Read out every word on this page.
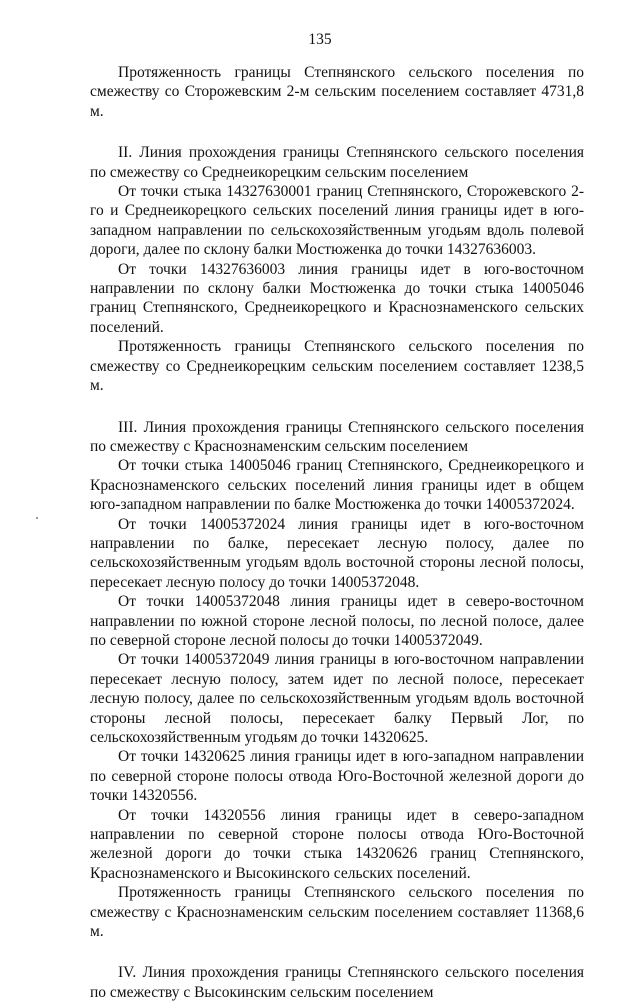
135

Протяженность границы Степнянского сельского поселения по смежеству со Сторожевским 2-м сельским поселением составляет 4731,8 м.

II. Линия прохождения границы Степнянского сельского поселения по смежеству со Среднеикорецким сельским поселением

От точки стыка 14327630001 границ Степнянского, Сторожевского 2-го и Среднеикорецкого сельских поселений линия границы идет в юго-западном направлении по сельскохозяйственным угодьям вдоль полевой дороги, далее по склону балки Мостюженка до точки 14327636003.

От точки 14327636003 линия границы идет в юго-восточном направлении по склону балки Мостюженка до точки стыка 14005046 границ Степнянского, Среднеикорецкого и Краснознаменского сельских поселений.

Протяженность границы Степнянского сельского поселения по смежеству со Среднеикорецким сельским поселением составляет 1238,5 м.

III. Линия прохождения границы Степнянского сельского поселения по смежеству с Краснознаменским сельским поселением

От точки стыка 14005046 границ Степнянского, Среднеикорецкого и Краснознаменского сельских поселений линия границы идет в общем юго-западном направлении по балке Мостюженка до точки 14005372024.

От точки 14005372024 линия границы идет в юго-восточном направлении по балке, пересекает лесную полосу, далее по сельскохозяйственным угодьям вдоль восточной стороны лесной полосы, пересекает лесную полосу до точки 14005372048.

От точки 14005372048 линия границы идет в северо-восточном направлении по южной стороне лесной полосы, по лесной полосе, далее по северной стороне лесной полосы до точки 14005372049.

От точки 14005372049 линия границы в юго-восточном направлении пересекает лесную полосу, затем идет по лесной полосе, пересекает лесную полосу, далее по сельскохозяйственным угодьям вдоль восточной стороны лесной полосы, пересекает балку Первый Лог, по сельскохозяйственным угодьям до точки 14320625.

От точки 14320625 линия границы идет в юго-западном направлении по северной стороне полосы отвода Юго-Восточной железной дороги до точки 14320556.

От точки 14320556 линия границы идет в северо-западном направлении по северной стороне полосы отвода Юго-Восточной железной дороги до точки стыка 14320626 границ Степнянского, Краснознаменского и Высокинского сельских поселений.

Протяженность границы Степнянского сельского поселения по смежеству с Краснознаменским сельским поселением составляет 11368,6 м.

IV. Линия прохождения границы Степнянского сельского поселения по смежеству с Высокинским сельским поселением
